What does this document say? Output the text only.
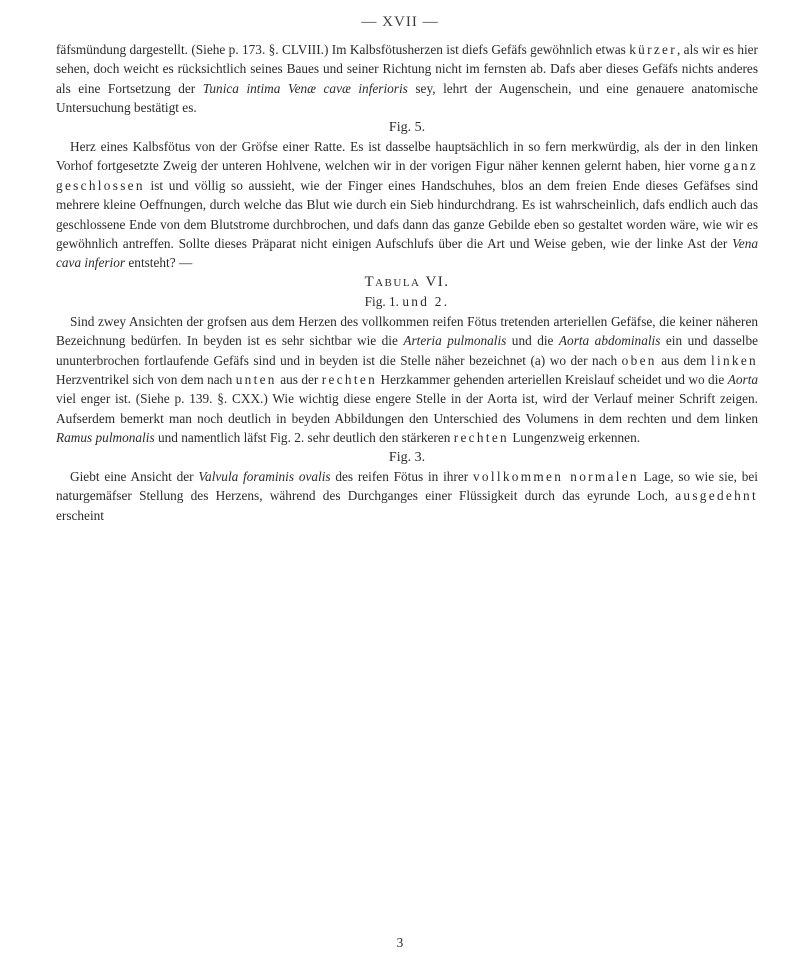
— XVII —

fäfsmündung dargestellt. (Siehe p. 173. §. CLVIII.) Im Kalbsfötusherzen ist diefs Gefäfs gewöhnlich etwas kürzer, als wir es hier sehen, doch weicht es rücksichtlich seines Baues und seiner Richtung nicht im fernsten ab. Dafs aber dieses Gefäfs nichts anderes als eine Fortsetzung der Tunica intima Venæ cavæ inferioris sey, lehrt der Augenschein, und eine genauere anatomische Untersuchung bestätigt es.

Fig. 5.

Herz eines Kalbsfötus von der Gröfse einer Ratte. Es ist dasselbe hauptsächlich in so fern merkwürdig, als der in den linken Vorhof fortgesetzte Zweig der unteren Hohlvene, welchen wir in der vorigen Figur näher kennen gelernt haben, hier vorne ganz geschlossen ist und völlig so aussieht, wie der Finger eines Handschuhes, blos an dem freien Ende dieses Gefäfses sind mehrere kleine Oeffnungen, durch welche das Blut wie durch ein Sieb hindurchdrang. Es ist wahrscheinlich, dafs endlich auch das geschlossene Ende von dem Blutstrome durchbrochen, und dafs dann das ganze Gebilde eben so gestaltet worden wäre, wie wir es gewöhnlich antreffen. Sollte dieses Präparat nicht einigen Aufschlufs über die Art und Weise geben, wie der linke Ast der Vena cava inferior entsteht? —

Tabula VI.

Fig. 1. und 2.

Sind zwey Ansichten der grofsen aus dem Herzen des vollkommen reifen Fötus tretenden arteriellen Gefäfse, die keiner näheren Bezeichnung bedürfen. In beyden ist es sehr sichtbar wie die Arteria pulmonalis und die Aorta abdominalis ein und dasselbe ununterbrochen fortlaufende Gefäfs sind und in beyden ist die Stelle näher bezeichnet (a) wo der nach oben aus dem linken Herzventrikel sich von dem nach unten aus der rechten Herzkammer gehenden arteriellen Kreislauf scheidet und wo die Aorta viel enger ist. (Siehe p. 139. §. CXX.) Wie wichtig diese engere Stelle in der Aorta ist, wird der Verlauf meiner Schrift zeigen. Aufserdem bemerkt man noch deutlich in beyden Abbildungen den Unterschied des Volumens in dem rechten und dem linken Ramus pulmonalis und namentlich läfst Fig. 2. sehr deutlich den stärkeren rechten Lungenzweig erkennen.

Fig. 3.

Giebt eine Ansicht der Valvula foraminis ovalis des reifen Fötus in ihrer vollkommen normalen Lage, so wie sie, bei naturgemäfser Stellung des Herzens, während des Durchganges einer Flüssigkeit durch das eyrunde Loch, ausgedehnt erscheint

3
